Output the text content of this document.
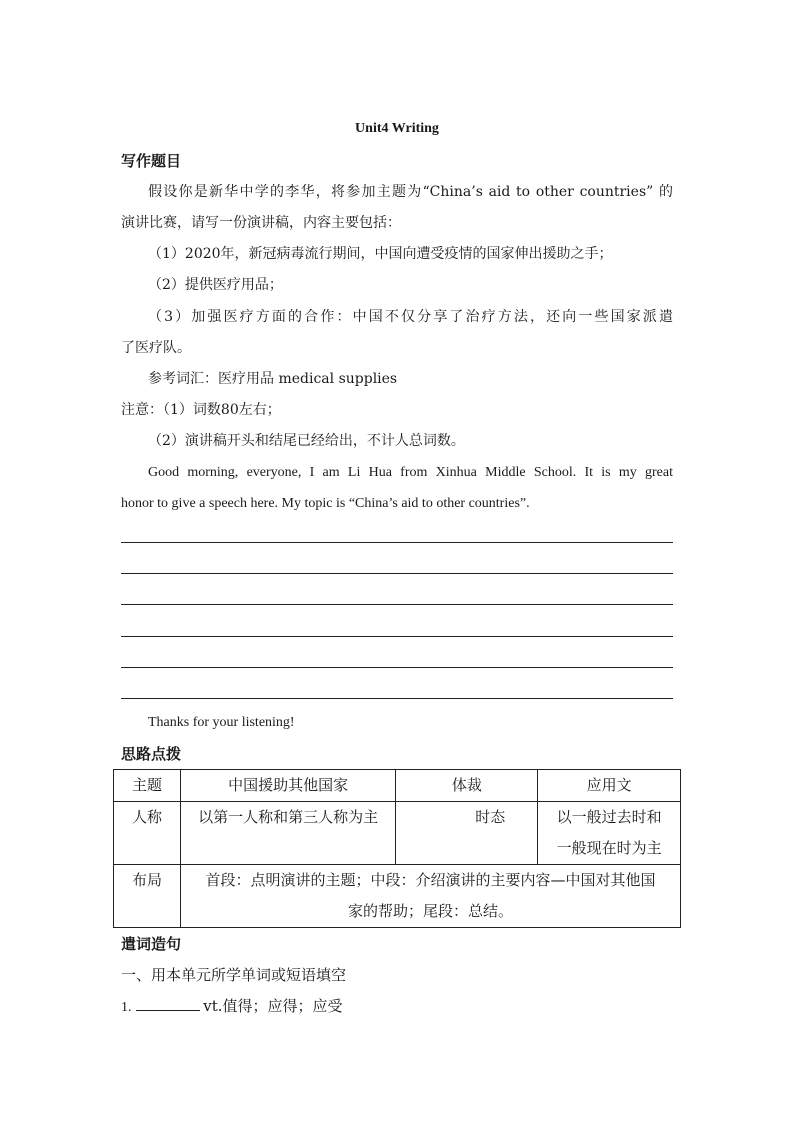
Unit4 Writing
写作题目
假设你是新华中学的李华，将参加主题为“China’s aid to other countries” 的
演讲比赛，请写一份演讲稿，内容主要包括：
（1）2020年，新冠病毒流行期间，中国向遭受疫情的国家伸出援助之手；
（2）提供医疗用品；
（3）加强医疗方面的合作：中国不仅分享了治疗方法，还向一些国家派遣
了医疗队。
参考词汇：医疗用品 medical supplies
注意：（1）词数80左右；
（2）演讲稿开头和结尾已经给出，不计人总词数。
Good morning, everyone, I am Li Hua from Xinhua Middle School. It is my great
honor to give a speech here. My topic is “China’s aid to other countries”.
Thanks for your listening!
思路点拨
主题	中国援助其他国家	体裁	应用文
人称	以第一人称和第三人称为主	时态	以一般过去时和
一般现在时为主

布局	首段：点明演讲的主题；中段：介绍演讲的主要内容—中国对其他国
家的帮助；尾段：总结。		
遣词造句
一、用本单元所学单词或短语填空
1.	vt.值得；应得；应受
